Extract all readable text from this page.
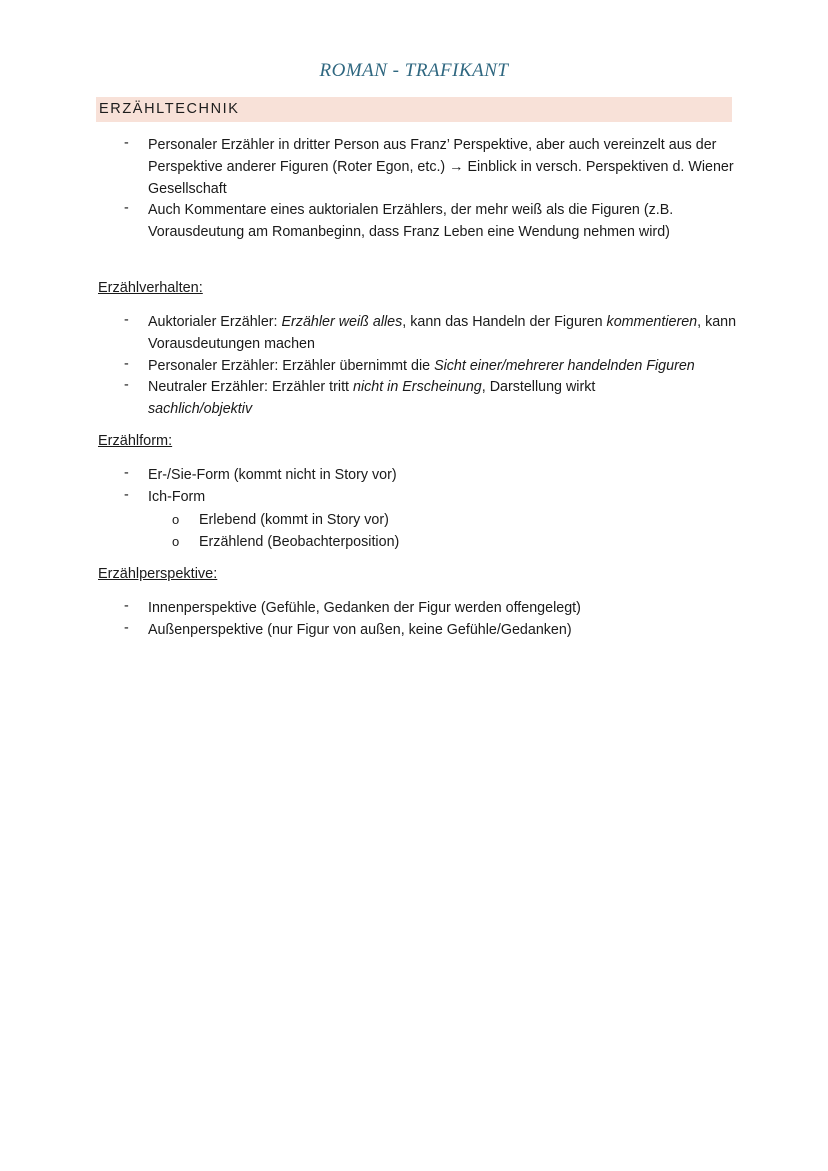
ROMAN - TRAFIKANT
ERZÄHLTECHNIK
- Personaler Erzähler in dritter Person aus Franz’ Perspektive, aber auch vereinzelt aus der Perspektive anderer Figuren (Roter Egon, etc.) → Einblick in versch. Perspektiven d. Wiener Gesellschaft
- Auch Kommentare eines auktorialen Erzählers, der mehr weiß als die Figuren (z.B. Vorausdeutung am Romanbeginn, dass Franz Leben eine Wendung nehmen wird)
Erzählverhalten:
- Auktorialer Erzähler: Erzähler weiß alles, kann das Handeln der Figuren kommentieren, kann Vorausdeutungen machen
- Personaler Erzähler: Erzähler übernimmt die Sicht einer/mehrerer handelnden Figuren
- Neutraler Erzähler: Erzähler tritt nicht in Erscheinung, Darstellung wirkt sachlich/objektiv
Erzählform:
- Er-/Sie-Form (kommt nicht in Story vor)
- Ich-Form
o Erlebend (kommt in Story vor)
o Erzählend (Beobachterposition)
Erzählperspektive:
- Innenperspektive (Gefühle, Gedanken der Figur werden offengelegt)
- Außenperspektive (nur Figur von außen, keine Gefühle/Gedanken)
